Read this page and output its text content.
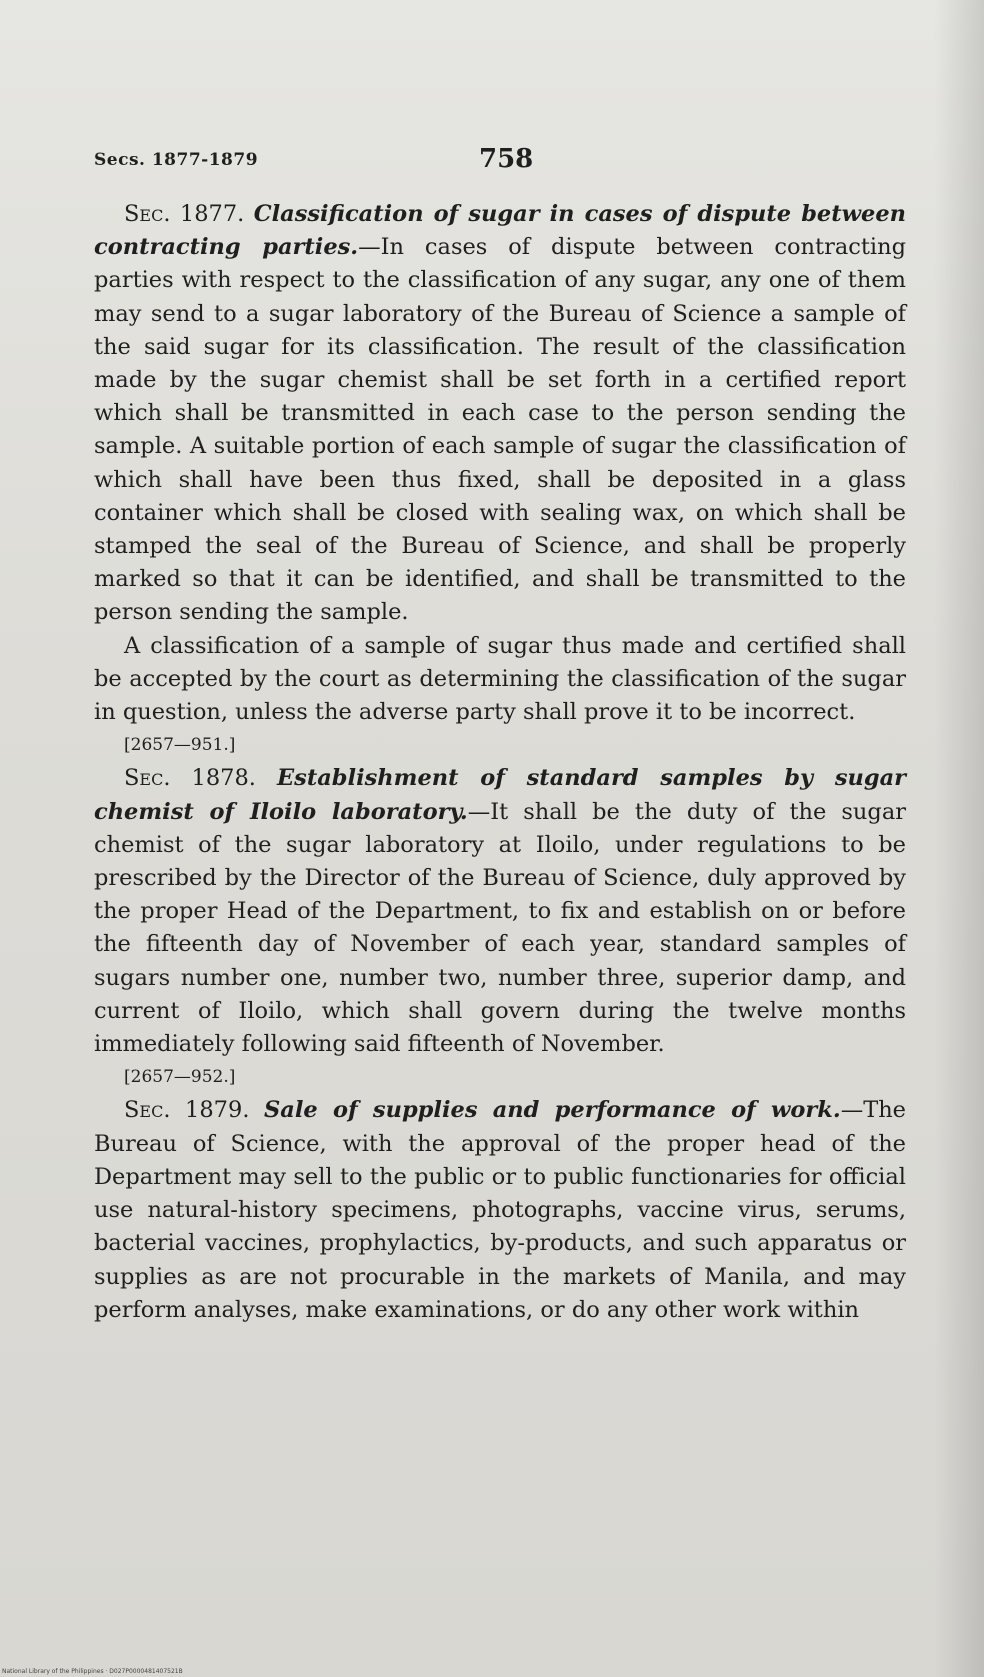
Secs. 1877-1879	758

Sec. 1877. Classification of sugar in cases of dispute between contracting parties.—In cases of dispute between contracting parties with respect to the classification of any sugar, any one of them may send to a sugar laboratory of the Bureau of Science a sample of the said sugar for its classification. The result of the classification made by the sugar chemist shall be set forth in a certified report which shall be transmitted in each case to the person sending the sample. A suitable portion of each sample of sugar the classification of which shall have been thus fixed, shall be deposited in a glass container which shall be closed with sealing wax, on which shall be stamped the seal of the Bureau of Science, and shall be properly marked so that it can be identified, and shall be transmitted to the person sending the sample.

A classification of a sample of sugar thus made and certified shall be accepted by the court as determining the classification of the sugar in question, unless the adverse party shall prove it to be incorrect.

[2657—951.]

Sec. 1878. Establishment of standard samples by sugar chemist of Iloilo laboratory.—It shall be the duty of the sugar chemist of the sugar laboratory at Iloilo, under regulations to be prescribed by the Director of the Bureau of Science, duly approved by the proper Head of the Department, to fix and establish on or before the fifteenth day of November of each year, standard samples of sugars number one, number two, number three, superior damp, and current of Iloilo, which shall govern during the twelve months immediately following said fifteenth of November.

[2657—952.]

Sec. 1879. Sale of supplies and performance of work.—The Bureau of Science, with the approval of the proper head of the Department may sell to the public or to public functionaries for official use natural-history specimens, photographs, vaccine virus, serums, bacterial vaccines, prophylactics, by-products, and such apparatus or supplies as are not procurable in the markets of Manila, and may perform analyses, make examinations, or do any other work within

National Library of the Philippines · D027P0000481407521B
